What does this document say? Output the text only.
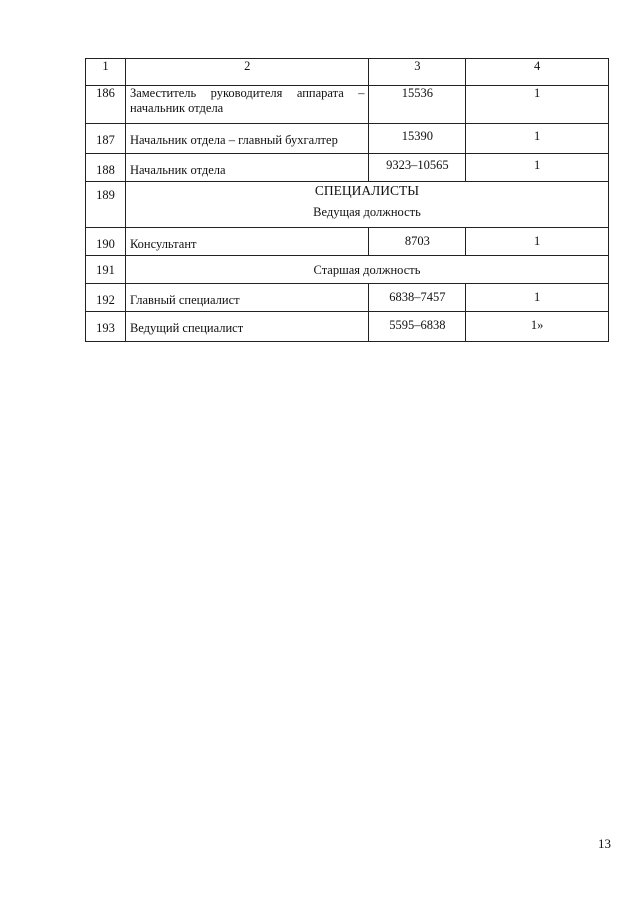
1	2	3	4
186	Заместитель руководителя аппарата – начальник отдела	15536	1
187	Начальник отдела – главный бухгалтер	15390	1
188	Начальник отдела	9323–10565	1
189	СПЕЦИАЛИСТЫ
Ведущая должность		

190	Консультант	8703	1
191	Старшая должность		
192	Главный специалист	6838–7457	1
193	Ведущий специалист	5595–6838	1»
13
